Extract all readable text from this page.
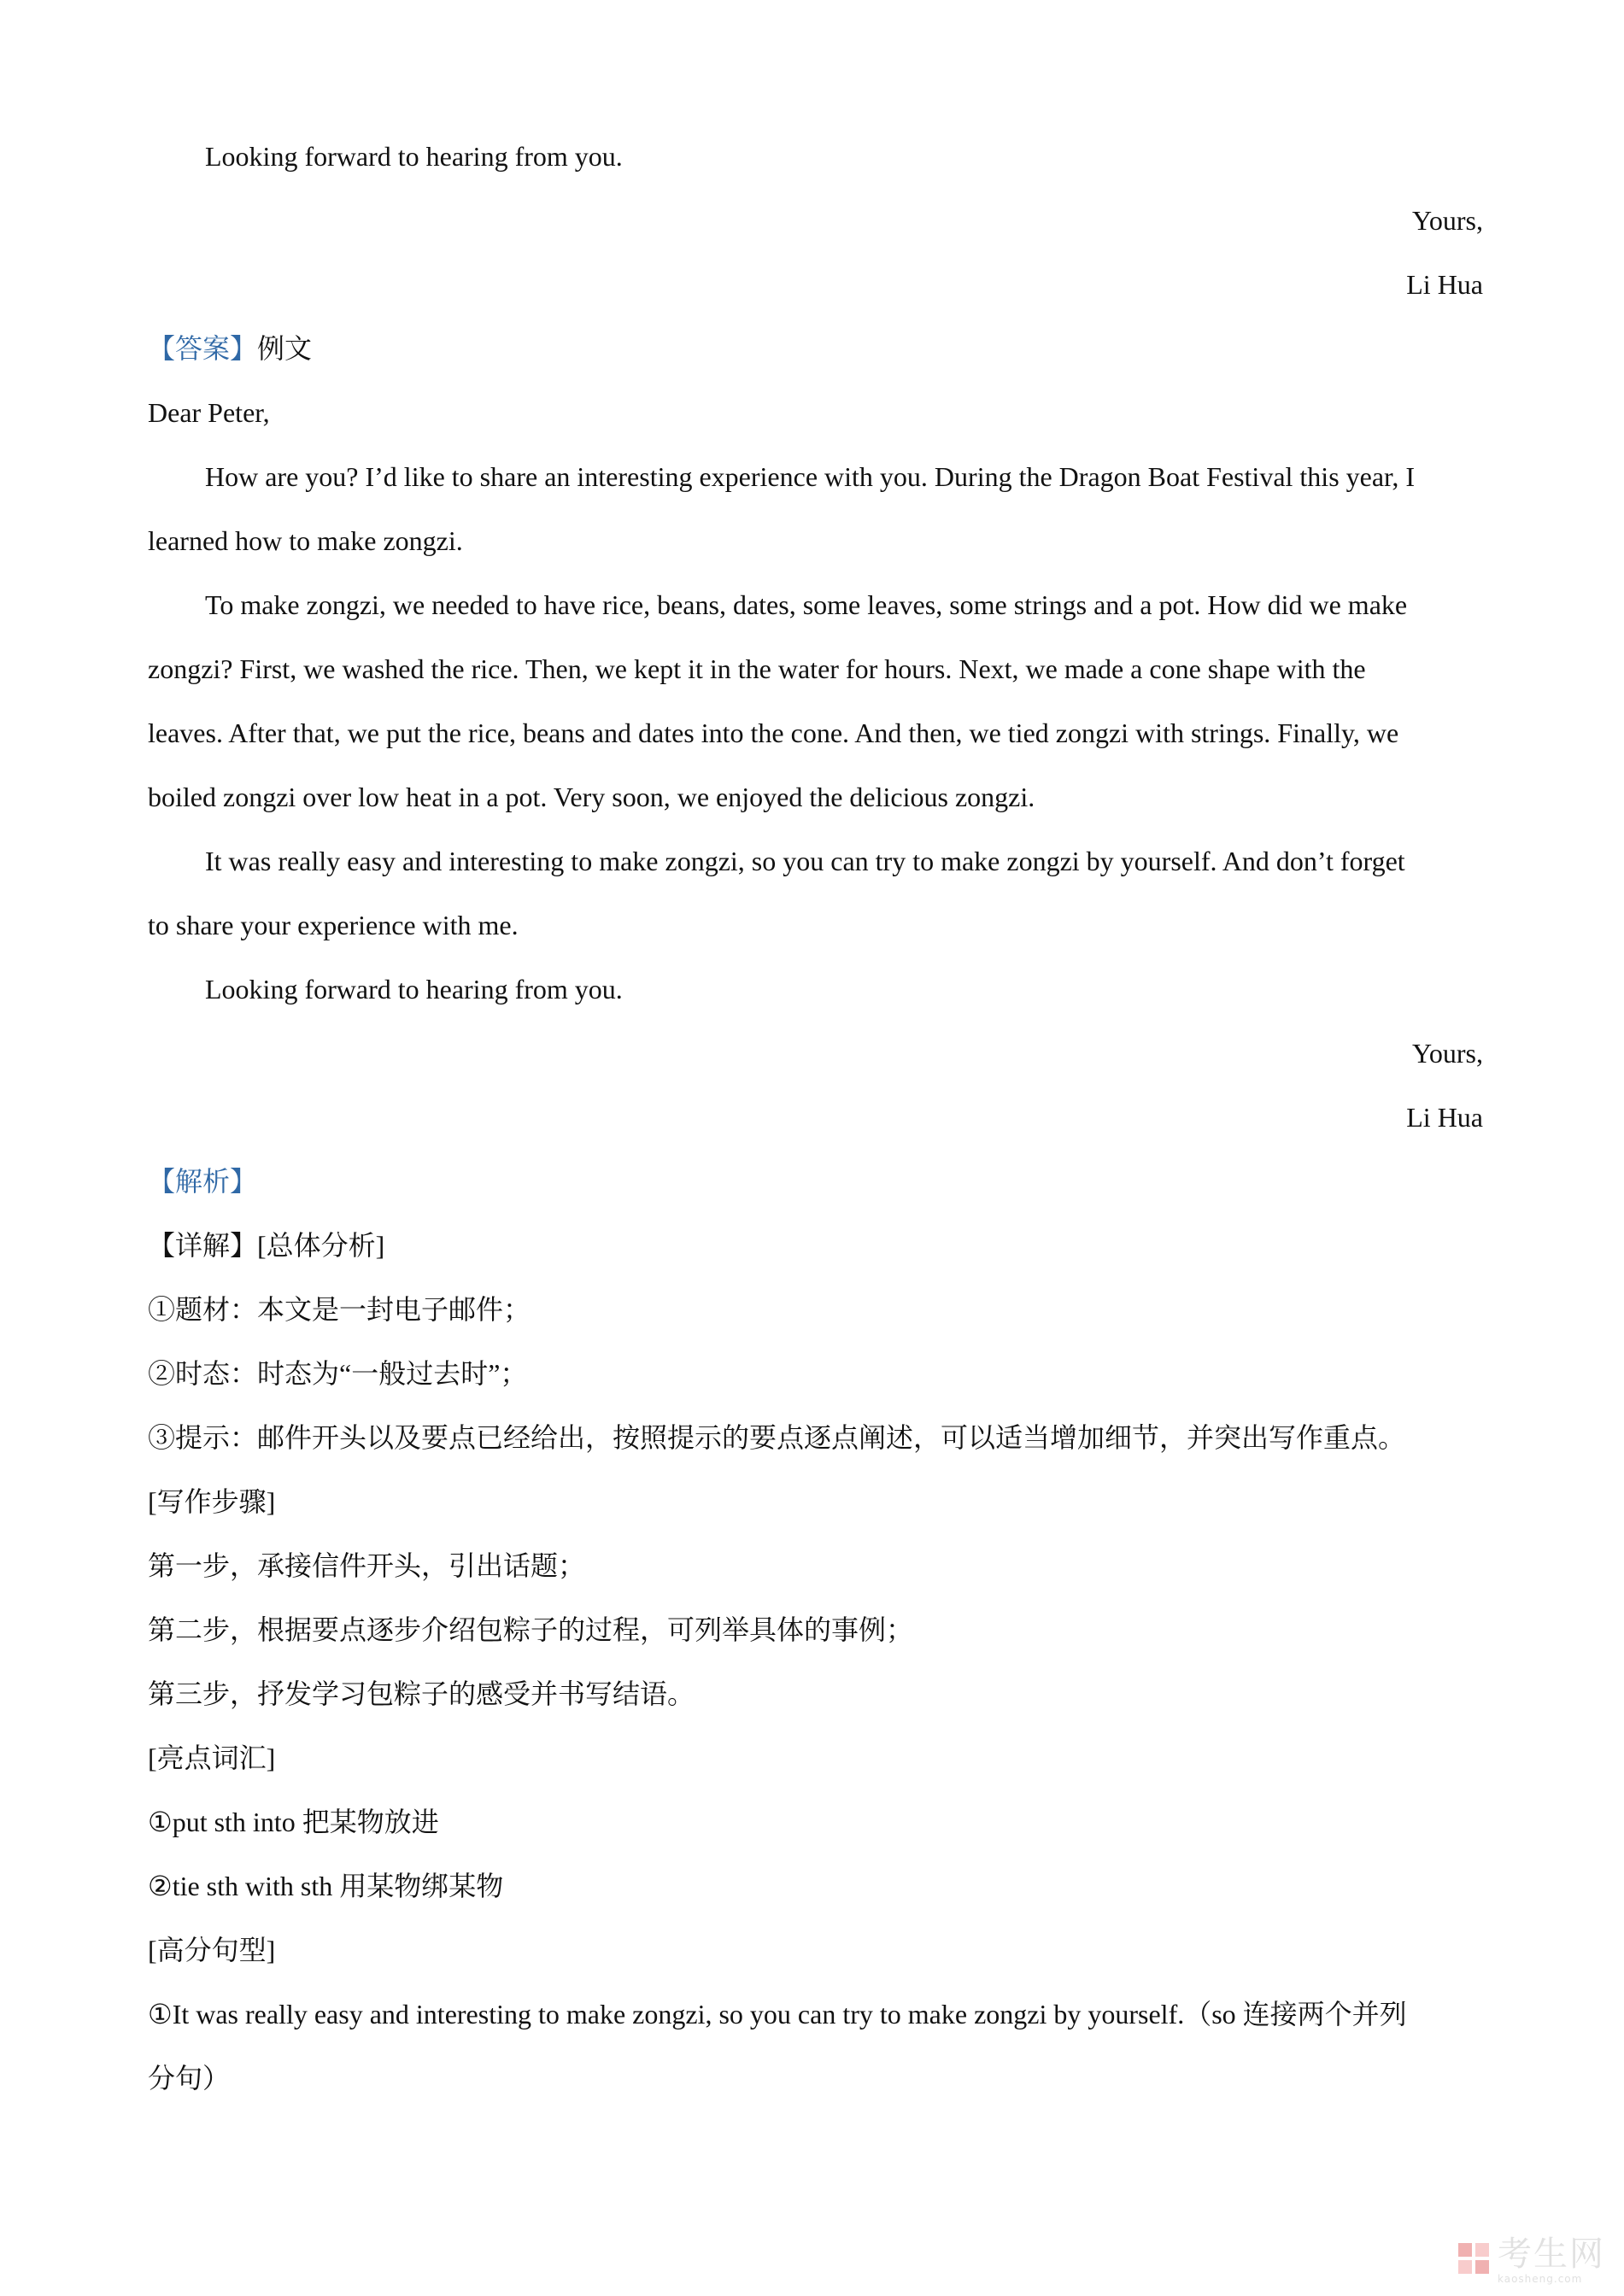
Looking forward to hearing from you.
Yours,
Li Hua
【答案】例文
Dear Peter,
How are you? I’d like to share an interesting experience with you. During the Dragon Boat Festival this year, I
learned how to make zongzi.
To make zongzi, we needed to have rice, beans, dates, some leaves, some strings and a pot. How did we make
zongzi? First, we washed the rice. Then, we kept it in the water for hours. Next, we made a cone shape with the
leaves. After that, we put the rice, beans and dates into the cone. And then, we tied zongzi with strings. Finally, we
boiled zongzi over low heat in a pot. Very soon, we enjoyed the delicious zongzi.
It was really easy and interesting to make zongzi, so you can try to make zongzi by yourself. And don’t forget
to share your experience with me.
Looking forward to hearing from you.
Yours,
Li Hua
【解析】
【详解】[总体分析]
①题材：本文是一封电子邮件；
②时态：时态为“一般过去时”；
③提示：邮件开头以及要点已经给出，按照提示的要点逐点阐述，可以适当增加细节，并突出写作重点。
[写作步骤]
第一步，承接信件开头，引出话题；
第二步，根据要点逐步介绍包粽子的过程，可列举具体的事例；
第三步，抒发学习包粽子的感受并书写结语。
[亮点词汇]
①put sth into 把某物放进
②tie sth with sth 用某物绑某物
[高分句型]
①It was really easy and interesting to make zongzi, so you can try to make zongzi by yourself.（so 连接两个并列
分句）
考生网
kaosheng.com
